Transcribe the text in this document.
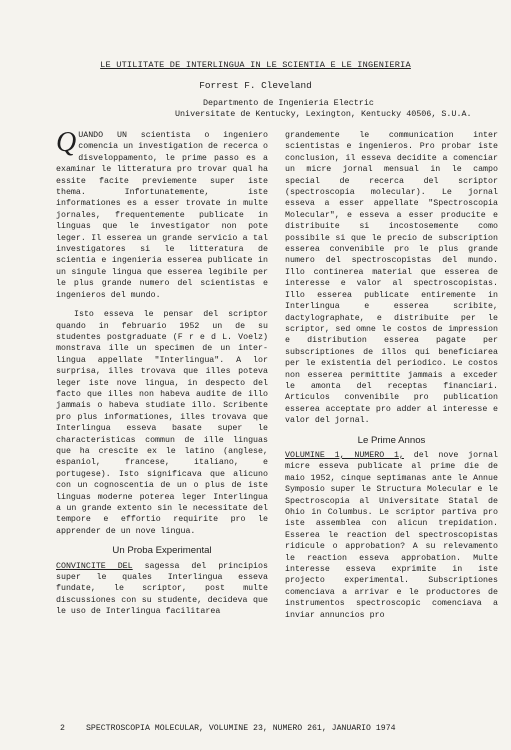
LE UTILITATE DE INTERLINGUA IN LE SCIENTIA E LE INGENIERIA
Forrest F. Cleveland
Departmento de Ingenieria Electric
Universitate de Kentucky, Lexington, Kentucky 40506, S.U.A.

QUANDO UN scientista o ingeniero comencia un investigation de recerca o disveloppamento, le prime passo es a examinar le litteratura pro trovar qual ha essite facite previemente super iste thema. Infortunatemente, iste informationes es a esser trovate in multe jornales, frequentemente publicate in linguas que le investigator non pote leger. Il esserea un grande servicio a tal investigatores si le litteratura de scientia e ingenieria esserea publicate in un singule lingua que esserea legibile per le plus grande numero del scientistas e ingenieros del mundo.

Isto esseva le pensar del scriptor quando in februario 1952 un de su studentes postgraduate (F r e d L. Voelz) monstrava ille un specimen de un inter-lingua appellate "Interlingua". A lor surprisa, illes trovava que illes poteva leger iste nove lingua, in despecto del facto que illes non habeva audite de illo jammais o habeva studiate illo. Scribente pro plus informationes, illes trovava que Interlingua esseva basate super le characteristicas commun de ille linguas que ha crescite ex le latino (anglese, espaniol, francese, italiano, e portugese). Isto significava que alicuno con un cognoscentia de un o plus de iste linguas moderne poterea leger Interlingua a un grande extento sin le necessitate del tempore e effortio requirite pro le apprender de un nove lingua.

Un Proba Experimental

CONVINCITE DEL sagessa del principios super le quales Interlingua esseva fundate, le scriptor, post multe discussiones con su studente, decideva que le uso de Interlingua facilitarea

grandemente le communication inter scientistas e ingenieros. Pro probar iste conclusion, il esseva decidite a comenciar un micre jornal mensual in le campo special de recerca del scriptor (spectroscopia molecular). Le jornal esseva a esser appellate "Spectroscopia Molecular", e esseva a esser producite e distribuite si incostosemente como possibile si que le precio de subscription esserea convenibile pro le plus grande numero del spectroscopistas del mundo. Illo continerea material que esserea de interesse e valor al spectroscopistas. Illo esserea publicate entiremente in Interlingua e esserea scribite, dactylographate, e distribuite per le scriptor, sed omne le costos de impression e distribution esserea pagate per subscriptiones de illos qui beneficiarea per le existentia del periodico. Le costos non esserea permittite jammais a exceder le amonta del receptas financiari. Articulos convenibile pro publication esserea acceptate pro adder al interesse e valor del jornal.

Le Prime Annos

VOLUMINE 1, NUMERO 1, del nove jornal micre esseva publicate al prime die de maio 1952, cinque septimanas ante le Annue Symposio super le Structura Molecular e le Spectroscopia al Universitate Statal de Ohio in Columbus. Le scriptor partiva pro iste assemblea con alicun trepidation. Esserea le reaction del spectroscopistas ridicule o approbation? A su relevamento le reaction esseva approbation. Multe interesse esseva exprimite in iste projecto experimental. Subscriptiones comenciava a arrivar e le productores de instrumentos spectroscopic comenciava a inviar annuncios pro

2	SPECTROSCOPIA MOLECULAR, VOLUMINE 23, NUMERO 261, JANUARIO 1974
